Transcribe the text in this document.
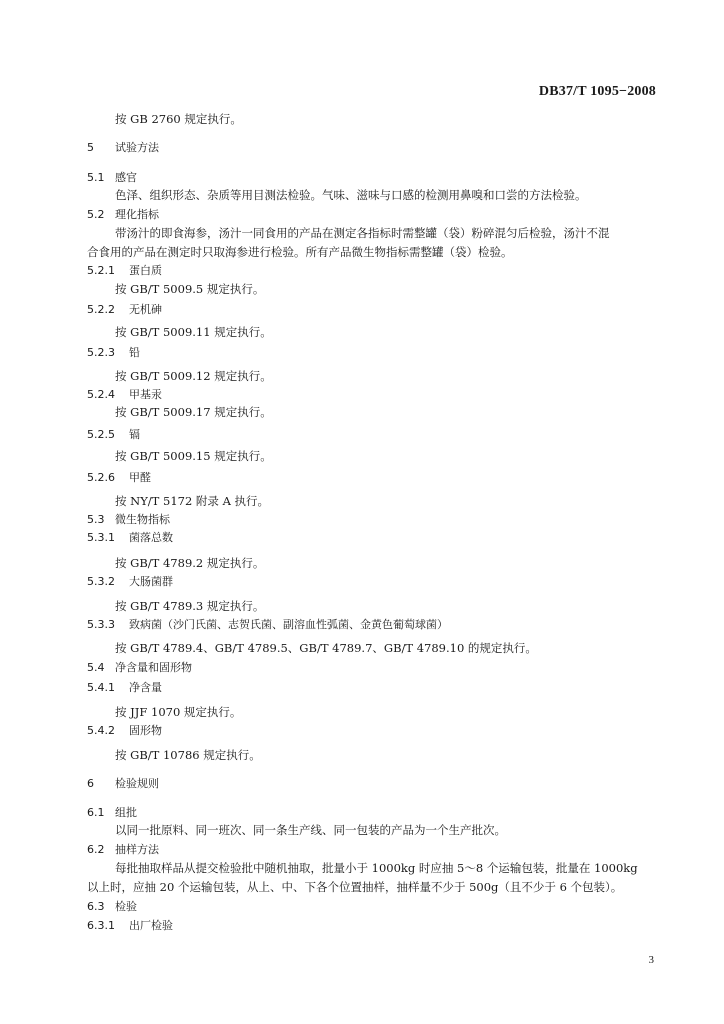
DB37/T 1095−2008
按 GB 2760 规定执行。
5 试验方法
5.1 感官
色泽、组织形态、杂质等用目测法检验。气味、滋味与口感的检测用鼻嗅和口尝的方法检验。
5.2 理化指标
带汤汁的即食海参，汤汁一同食用的产品在测定各指标时需整罐（袋）粉碎混匀后检验，汤汁不混
合食用的产品在测定时只取海参进行检验。所有产品微生物指标需整罐（袋）检验。
5.2.1 蛋白质
按 GB/T 5009.5 规定执行。
5.2.2 无机砷
按 GB/T 5009.11 规定执行。
5.2.3 铅
按 GB/T 5009.12 规定执行。
5.2.4 甲基汞
按 GB/T 5009.17 规定执行。
5.2.5 镉
按 GB/T 5009.15 规定执行。
5.2.6 甲醛
按 NY/T 5172 附录 A 执行。
5.3 微生物指标
5.3.1 菌落总数
按 GB/T 4789.2 规定执行。
5.3.2 大肠菌群
按 GB/T 4789.3 规定执行。
5.3.3 致病菌（沙门氏菌、志贺氏菌、副溶血性弧菌、金黄色葡萄球菌）
按 GB/T 4789.4、GB/T 4789.5、GB/T 4789.7、GB/T 4789.10 的规定执行。
5.4 净含量和固形物
5.4.1 净含量
按 JJF 1070 规定执行。
5.4.2 固形物
按 GB/T 10786 规定执行。
6 检验规则
6.1 组批
以同一批原料、同一班次、同一条生产线、同一包装的产品为一个生产批次。
6.2 抽样方法
每批抽取样品从提交检验批中随机抽取，批量小于 1000kg 时应抽 5～8 个运输包装，批量在 1000kg
以上时，应抽 20 个运输包装，从上、中、下各个位置抽样，抽样量不少于 500g（且不少于 6 个包装）。
6.3 检验
6.3.1 出厂检验
3
